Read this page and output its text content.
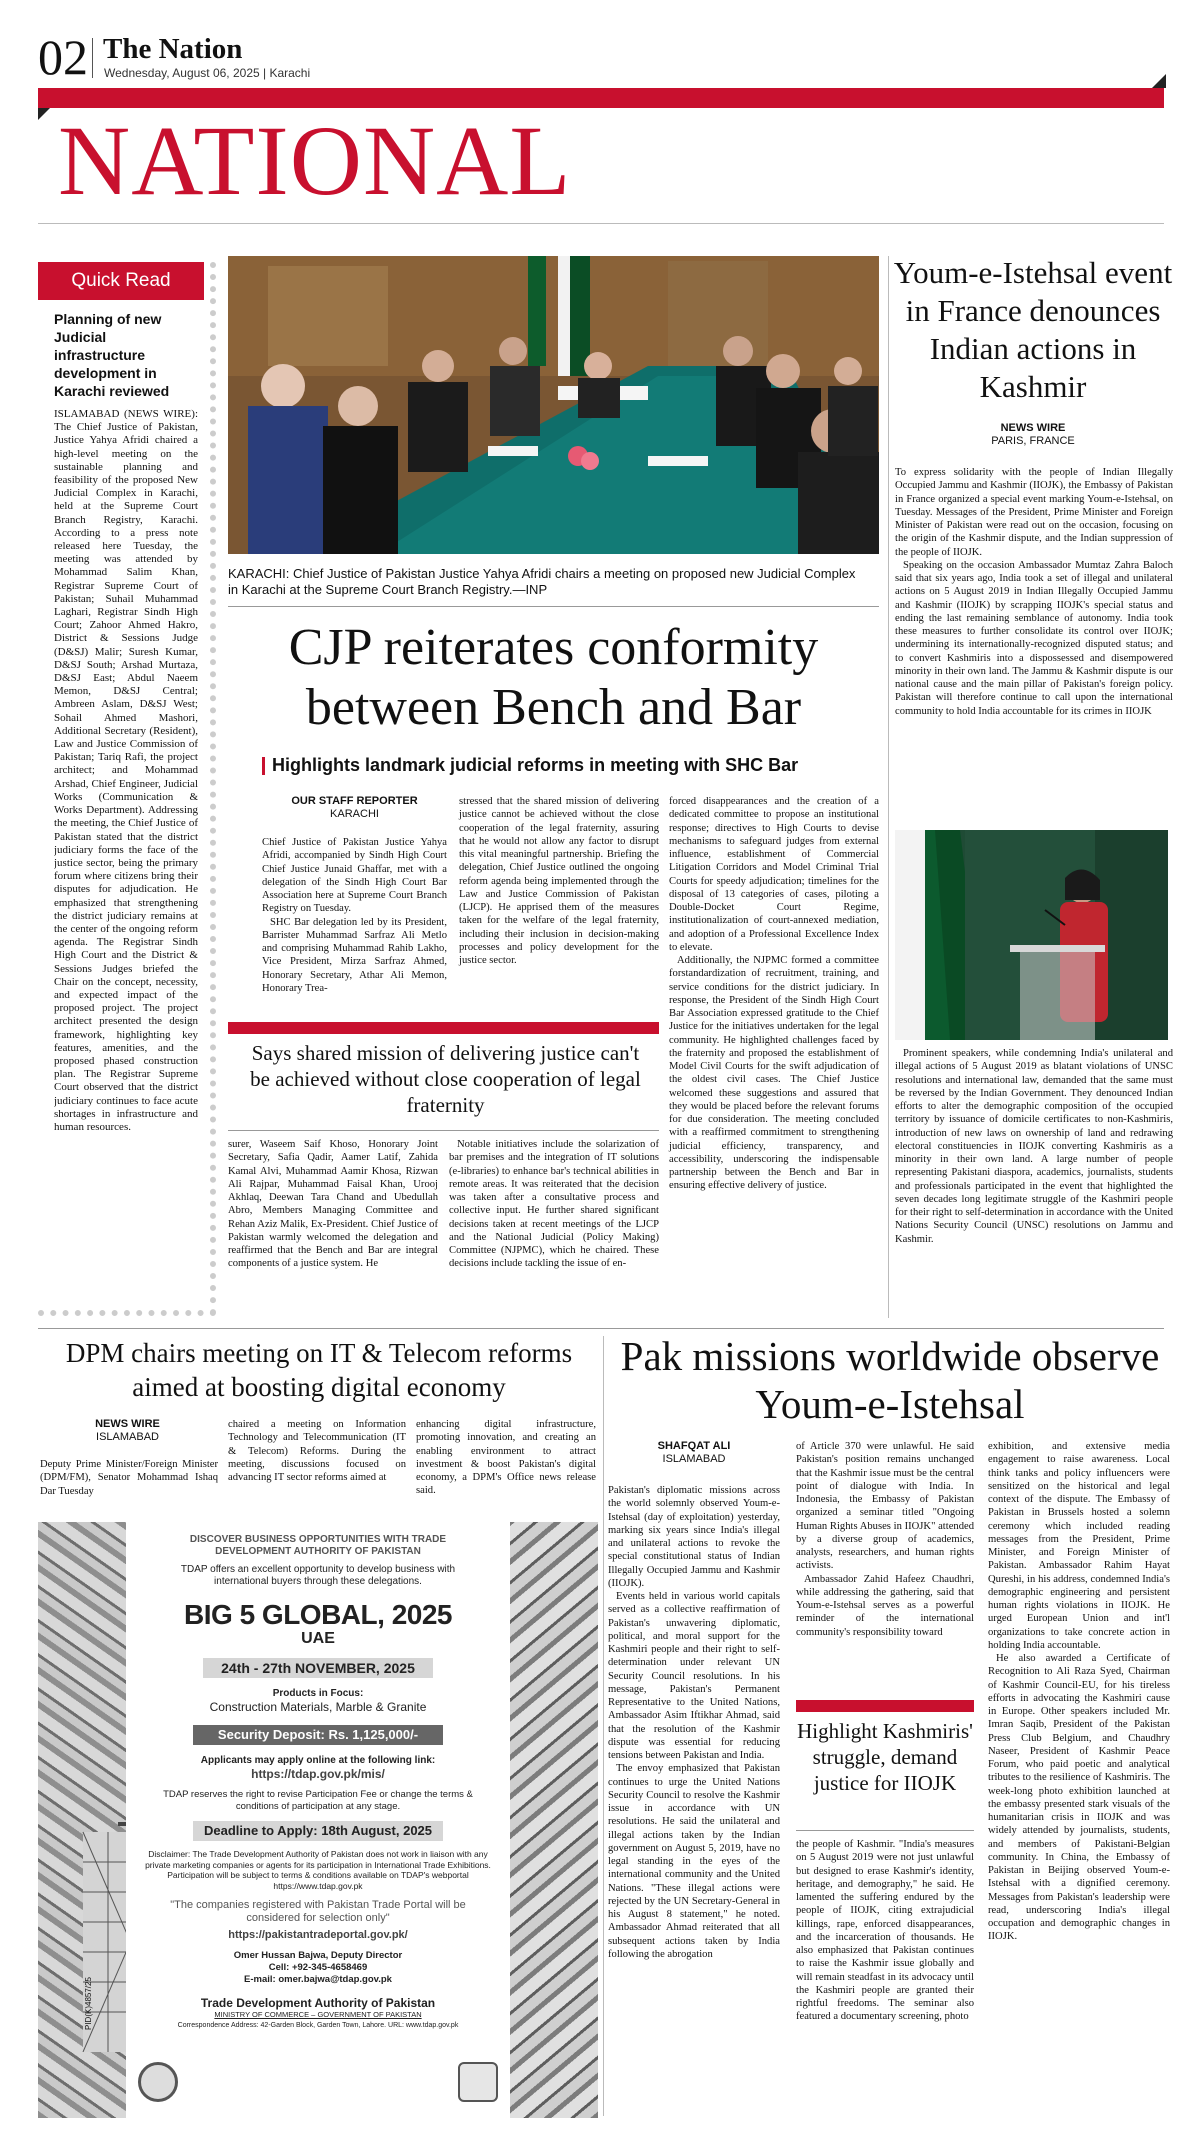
02 The Nation
Wednesday, August 06, 2025 | Karachi
NATIONAL
Quick Read
Planning of new Judicial infrastructure development in Karachi reviewed
ISLAMABAD (NEWS WIRE): The Chief Justice of Pakistan, Justice Yahya Afridi chaired a high-level meeting on the sustainable planning and feasibility of the proposed New Judicial Complex in Karachi, held at the Supreme Court Branch Registry, Karachi. According to a press note released here Tuesday, the meeting was attended by Mohammad Salim Khan, Registrar Supreme Court of Pakistan; Suhail Muhammad Laghari, Registrar Sindh High Court; Zahoor Ahmed Hakro, District & Sessions Judge (D&SJ) Malir; Suresh Kumar, D&SJ South; Arshad Murtaza, D&SJ East; Abdul Naeem Memon, D&SJ Central; Ambreen Aslam, D&SJ West; Sohail Ahmed Mashori, Additional Secretary (Resident), Law and Justice Commission of Pakistan; Tariq Rafi, the project architect; and Mohammad Arshad, Chief Engineer, Judicial Works (Communication & Works Department). Addressing the meeting, the Chief Justice of Pakistan stated that the district judiciary forms the face of the justice sector, being the primary forum where citizens bring their disputes for adjudication. He emphasized that strengthening the district judiciary remains at the center of the ongoing reform agenda. The Registrar Sindh High Court and the District & Sessions Judges briefed the Chair on the concept, necessity, and expected impact of the proposed project. The project architect presented the design framework, highlighting key features, amenities, and the proposed phased construction plan. The Registrar Supreme Court observed that the district judiciary continues to face acute shortages in infrastructure and human resources.
KARACHI: Chief Justice of Pakistan Justice Yahya Afridi chairs a meeting on proposed new Judicial Complex in Karachi at the Supreme Court Branch Registry.—INP
CJP reiterates conformity between Bench and Bar
Highlights landmark judicial reforms in meeting with SHC Bar
OUR STAFF REPORTER
KARACHI

Chief Justice of Pakistan Justice Yahya Afridi, accompanied by Sindh High Court Chief Justice Junaid Ghaffar, met with a delegation of the Sindh High Court Bar Association here at Supreme Court Branch Registry on Tuesday.

SHC Bar delegation led by its President, Barrister Muhammad Sarfraz Ali Metlo and comprising Muhammad Rahib Lakho, Vice President, Mirza Sarfraz Ahmed, Honorary Secretary, Athar Ali Memon, Honorary Trea-

stressed that the shared mission of delivering justice cannot be achieved without the close cooperation of the legal fraternity, assuring that he would not allow any factor to disrupt this vital meaningful partnership. Briefing the delegation, Chief Justice outlined the ongoing reform agenda being implemented through the Law and Justice Commission of Pakistan (LJCP). He apprised them of the measures taken for the welfare of the legal fraternity, including their inclusion in decision-making processes and policy development for the justice sector.

forced disappearances and the creation of a dedicated committee to propose an institutional response; directives to High Courts to devise mechanisms to safeguard judges from external influence, establishment of Commercial Litigation Corridors and Model Criminal Trial Courts for speedy adjudication; timelines for the disposal of 13 categories of cases, piloting a Double-Docket Court Regime, institutionalization of court-annexed mediation, and adoption of a Professional Excellence Index to elevate.

Additionally, the NJPMC formed a committee forstandardization of recruitment, training, and service conditions for the district judiciary. In response, the President of the Sindh High Court Bar Association expressed gratitude to the Chief Justice for the initiatives undertaken for the legal community. He highlighted challenges faced by the fraternity and proposed the establishment of Model Civil Courts for the swift adjudication of the oldest civil cases. The Chief Justice welcomed these suggestions and assured that they would be placed before the relevant forums for due consideration. The meeting concluded with a reaffirmed commitment to strengthening judicial efficiency, transparency, and accessibility, underscoring the indispensable partnership between the Bench and Bar in ensuring effective delivery of justice.

Says shared mission of delivering justice can't be achieved without close cooperation of legal fraternity

surer, Waseem Saif Khoso, Honorary Joint Secretary, Safia Qadir, Aamer Latif, Zahida Kamal Alvi, Muhammad Aamir Khosa, Rizwan Ali Rajpar, Muhammad Faisal Khan, Urooj Akhlaq, Deewan Tara Chand and Ubedullah Abro, Members Managing Committee and Rehan Aziz Malik, Ex-President. Chief Justice of Pakistan warmly welcomed the delegation and reaffirmed that the Bench and Bar are integral components of a justice system. He

Notable initiatives include the solarization of bar premises and the integration of IT solutions (e-libraries) to enhance bar's technical abilities in remote areas. It was reiterated that the decision was taken after a consultative process and collective input. He further shared significant decisions taken at recent meetings of the LJCP and the National Judicial (Policy Making) Committee (NJPMC), which he chaired. These decisions include tackling the issue of en-

Youm-e-Istehsal event in France denounces Indian actions in Kashmir
NEWS WIRE
PARIS, FRANCE

To express solidarity with the people of Indian Illegally Occupied Jammu and Kashmir (IIOJK), the Embassy of Pakistan in France organized a special event marking Youm-e-Istehsal, on Tuesday. Messages of the President, Prime Minister and Foreign Minister of Pakistan were read out on the occasion, focusing on the origin of the Kashmir dispute, and the Indian suppression of the people of IIOJK.

Speaking on the occasion Ambassador Mumtaz Zahra Baloch said that six years ago, India took a set of illegal and unilateral actions on 5 August 2019 in Indian Illegally Occupied Jammu and Kashmir (IIOJK) by scrapping IIOJK's special status and ending the last remaining semblance of autonomy. India took these measures to further consolidate its control over IIOJK; undermining its internationally-recognized disputed status; and to convert Kashmiris into a dispossessed and disempowered minority in their own land. The Jammu & Kashmir dispute is our national cause and the main pillar of Pakistan's foreign policy. Pakistan will therefore continue to call upon the international community to hold India accountable for its crimes in IIOJK

Prominent speakers, while condemning India's unilateral and illegal actions of 5 August 2019 as blatant violations of UNSC resolutions and international law, demanded that the same must be reversed by the Indian Government. They denounced Indian efforts to alter the demographic composition of the occupied territory by issuance of domicile certificates to non-Kashmiris, introduction of new laws on ownership of land and redrawing electoral constituencies in IIOJK converting Kashmiris as a minority in their own land. A large number of people representing Pakistani diaspora, academics, journalists, students and professionals participated in the event that highlighted the seven decades long legitimate struggle of the Kashmiri people for their right to self-determination in accordance with the United Nations Security Council (UNSC) resolutions on Jammu and Kashmir.

DPM chairs meeting on IT & Telecom reforms aimed at boosting digital economy
NEWS WIRE
ISLAMABAD
Deputy Prime Minister/Foreign Minister (DPM/FM), Senator Mohammad Ishaq Dar Tuesday
chaired a meeting on Information Technology and Telecommunication (IT & Telecom) Reforms. During the meeting, discussions focused on advancing IT sector reforms aimed at
enhancing digital infrastructure, promoting innovation, and creating an enabling environment to attract investment & boost Pakistan's digital economy, a DPM's Office news release said.
DISCOVER BUSINESS OPPORTUNITIES WITH TRADE DEVELOPMENT AUTHORITY OF PAKISTAN
TDAP offers an excellent opportunity to develop business with international buyers through these delegations.
BIG 5 GLOBAL, 2025
UAE
24th - 27th NOVEMBER, 2025
Products in Focus:
Construction Materials, Marble & Granite
Security Deposit: Rs. 1,125,000/-
Applicants may apply online at the following link:
https://tdap.gov.pk/mis/
TDAP reserves the right to revise Participation Fee or change the terms & conditions of participation at any stage.
Deadline to Apply: 18th August, 2025
Disclaimer: The Trade Development Authority of Pakistan does not work in liaison with any private marketing companies or agents for its participation in International Trade Exhibitions. Participation will be subject to terms & conditions available on TDAP's webportal https://www.tdap.gov.pk
"The companies registered with Pakistan Trade Portal will be considered for selection only"
https://pakistantradeportal.gov.pk/
Omer Hussan Bajwa, Deputy Director
Cell: +92-345-4658469
E-mail: omer.bajwa@tdap.gov.pk
Trade Development Authority of Pakistan
MINISTRY OF COMMERCE – GOVERNMENT OF PAKISTAN
Correspondence Address: 42-Garden Block, Garden Town, Lahore. URL: www.tdap.gov.pk
PID(K)4857/25
Pak missions worldwide observe Youm-e-Istehsal
SHAFQAT ALI
ISLAMABAD

Pakistan's diplomatic missions across the world solemnly observed Youm-e-Istehsal (day of exploitation) yesterday, marking six years since India's illegal and unilateral actions to revoke the special constitutional status of Indian Illegally Occupied Jammu and Kashmir (IIOJK).

Events held in various world capitals served as a collective reaffirmation of Pakistan's unwavering diplomatic, political, and moral support for the Kashmiri people and their right to self-determination under relevant UN Security Council resolutions. In his message, Pakistan's Permanent Representative to the United Nations, Ambassador Asim Iftikhar Ahmad, said that the resolution of the Kashmir dispute was essential for reducing tensions between Pakistan and India.

The envoy emphasized that Pakistan continues to urge the United Nations Security Council to resolve the Kashmir issue in accordance with UN resolutions. He said the unilateral and illegal actions taken by the Indian government on August 5, 2019, have no legal standing in the eyes of the international community and the United Nations. "These illegal actions were rejected by the UN Secretary-General in his August 8 statement," he noted. Ambassador Ahmad reiterated that all subsequent actions taken by India following the abrogation

of Article 370 were unlawful. He said Pakistan's position remains unchanged that the Kashmir issue must be the central point of dialogue with India. In Indonesia, the Embassy of Pakistan organized a seminar titled "Ongoing Human Rights Abuses in IIOJK" attended by a diverse group of academics, analysts, researchers, and human rights activists.

Ambassador Zahid Hafeez Chaudhri, while addressing the gathering, said that Youm-e-Istehsal serves as a powerful reminder of the international community's responsibility toward

Highlight Kashmiris' struggle, demand justice for IIOJK

the people of Kashmir. "India's measures on 5 August 2019 were not just unlawful but designed to erase Kashmir's identity, heritage, and demography," he said. He lamented the suffering endured by the people of IIOJK, citing extrajudicial killings, rape, enforced disappearances, and the incarceration of thousands. He also emphasized that Pakistan continues to raise the Kashmir issue globally and will remain steadfast in its advocacy until the Kashmiri people are granted their rightful freedoms. The seminar also featured a documentary screening, photo

exhibition, and extensive media engagement to raise awareness. Local think tanks and policy influencers were sensitized on the historical and legal context of the dispute. The Embassy of Pakistan in Brussels hosted a solemn ceremony which included reading messages from the President, Prime Minister, and Foreign Minister of Pakistan. Ambassador Rahim Hayat Qureshi, in his address, condemned India's demographic engineering and persistent human rights violations in IIOJK. He urged European Union and int'l organizations to take concrete action in holding India accountable.

He also awarded a Certificate of Recognition to Ali Raza Syed, Chairman of Kashmir Council-EU, for his tireless efforts in advocating the Kashmiri cause in Europe. Other speakers included Mr. Imran Saqib, President of the Pakistan Press Club Belgium, and Chaudhry Naseer, President of Kashmir Peace Forum, who paid poetic and analytical tributes to the resilience of Kashmiris. The week-long photo exhibition launched at the embassy presented stark visuals of the humanitarian crisis in IIOJK and was widely attended by journalists, students, and members of Pakistani-Belgian community. In China, the Embassy of Pakistan in Beijing observed Youm-e-Istehsal with a dignified ceremony. Messages from Pakistan's leadership were read, underscoring India's illegal occupation and demographic changes in IIOJK.
